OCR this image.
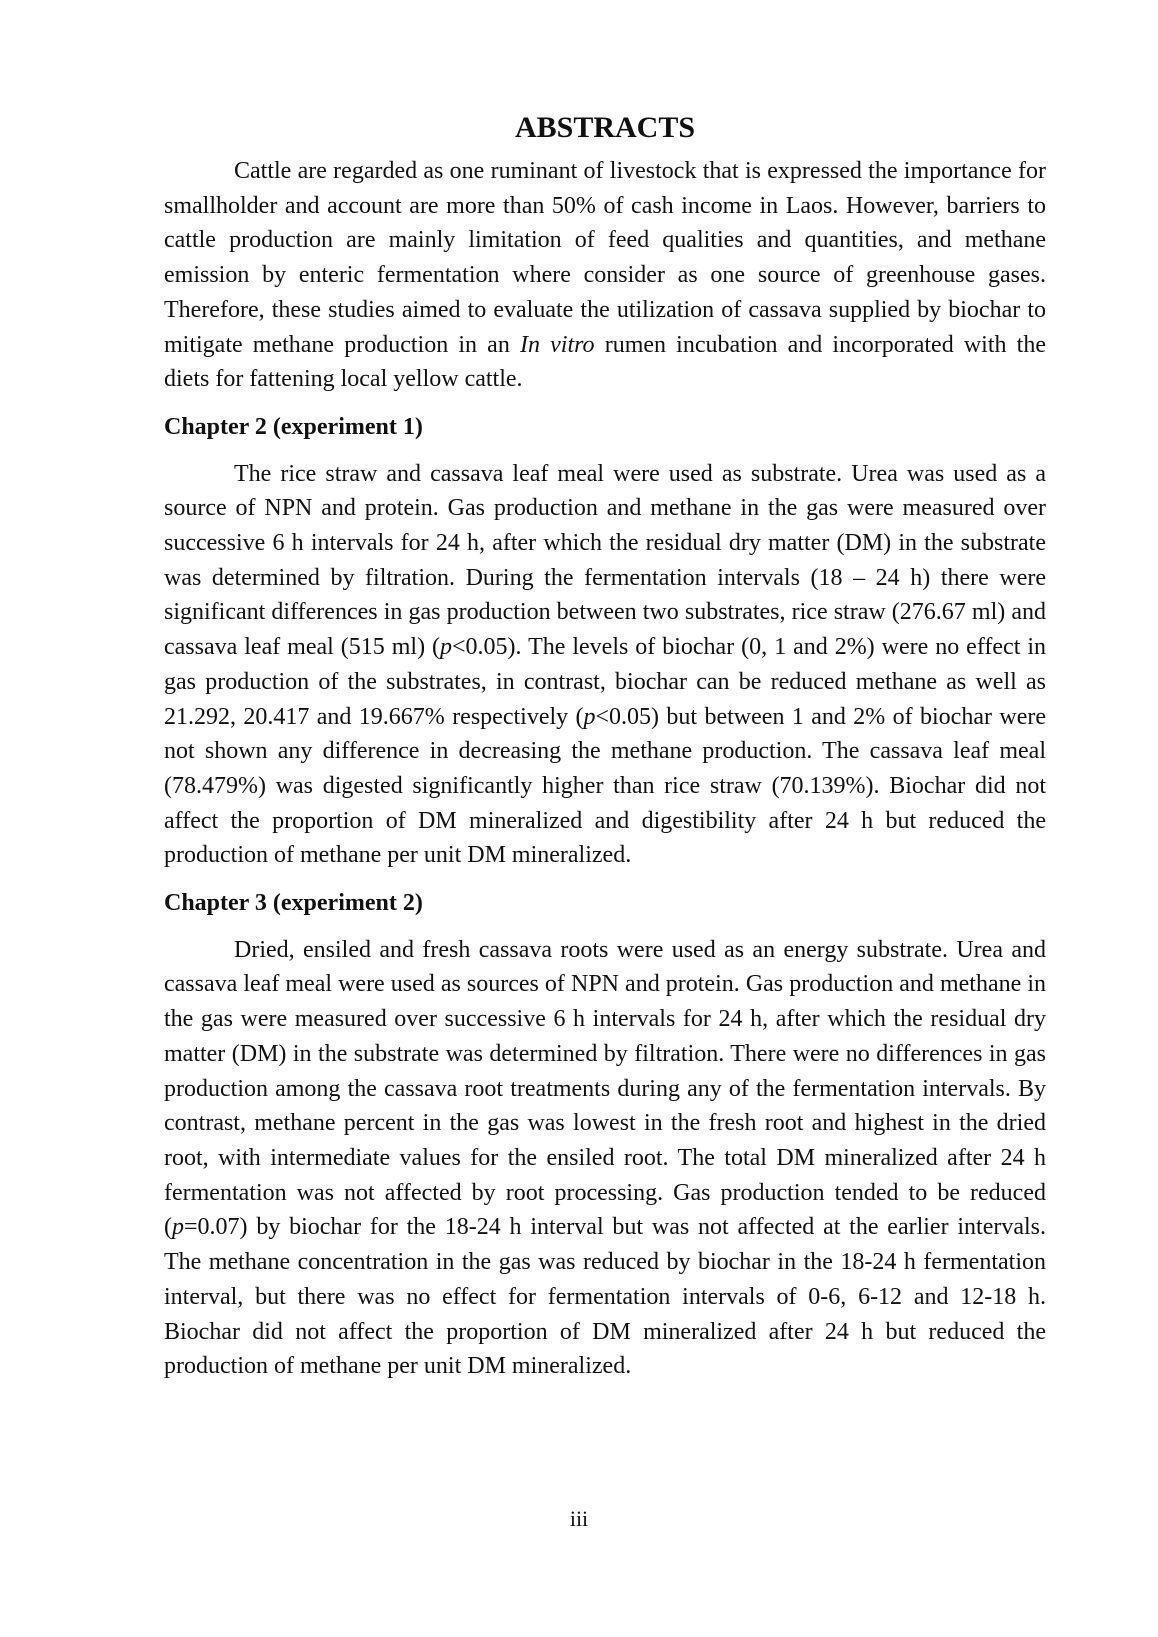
ABSTRACTS

Cattle are regarded as one ruminant of livestock that is expressed the importance for smallholder and account are more than 50% of cash income in Laos. However, barriers to cattle production are mainly limitation of feed qualities and quantities, and methane emission by enteric fermentation where consider as one source of greenhouse gases. Therefore, these studies aimed to evaluate the utilization of cassava supplied by biochar to mitigate methane production in an In vitro rumen incubation and incorporated with the diets for fattening local yellow cattle.

Chapter 2 (experiment 1)

The rice straw and cassava leaf meal were used as substrate. Urea was used as a source of NPN and protein. Gas production and methane in the gas were measured over successive 6 h intervals for 24 h, after which the residual dry matter (DM) in the substrate was determined by filtration. During the fermentation intervals (18 – 24 h) there were significant differences in gas production between two substrates, rice straw (276.67 ml) and cassava leaf meal (515 ml) (p<0.05). The levels of biochar (0, 1 and 2%) were no effect in gas production of the substrates, in contrast, biochar can be reduced methane as well as 21.292, 20.417 and 19.667% respectively (p<0.05) but between 1 and 2% of biochar were not shown any difference in decreasing the methane production. The cassava leaf meal (78.479%) was digested significantly higher than rice straw (70.139%). Biochar did not affect the proportion of DM mineralized and digestibility after 24 h but reduced the production of methane per unit DM mineralized.

Chapter 3 (experiment 2)

Dried, ensiled and fresh cassava roots were used as an energy substrate. Urea and cassava leaf meal were used as sources of NPN and protein. Gas production and methane in the gas were measured over successive 6 h intervals for 24 h, after which the residual dry matter (DM) in the substrate was determined by filtration. There were no differences in gas production among the cassava root treatments during any of the fermentation intervals. By contrast, methane percent in the gas was lowest in the fresh root and highest in the dried root, with intermediate values for the ensiled root. The total DM mineralized after 24 h fermentation was not affected by root processing. Gas production tended to be reduced (p=0.07) by biochar for the 18-24 h interval but was not affected at the earlier intervals. The methane concentration in the gas was reduced by biochar in the 18-24 h fermentation interval, but there was no effect for fermentation intervals of 0-6, 6-12 and 12-18 h. Biochar did not affect the proportion of DM mineralized after 24 h but reduced the production of methane per unit DM mineralized.

iii
